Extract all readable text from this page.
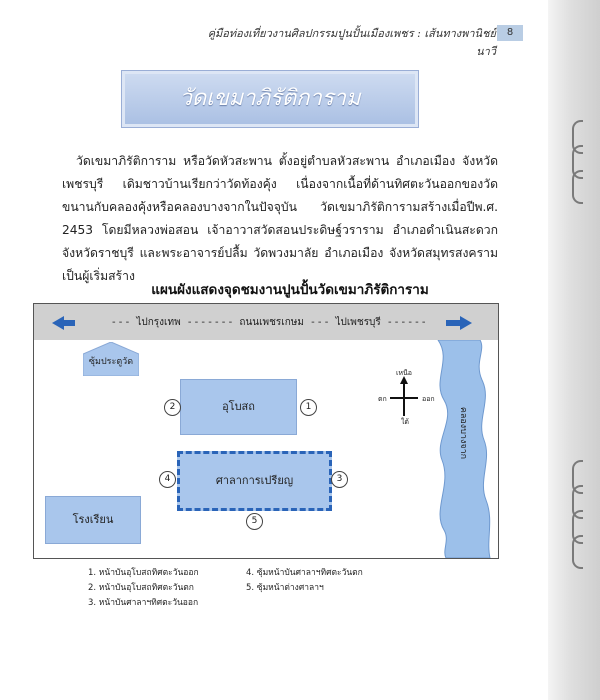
คู่มือท่องเที่ยวงานศิลปกรรมปูนปั้นเมืองเพชร : เส้นทางพานิชย์นาวี
8
วัดเขมาภิรัติการาม
วัดเขมาภิรัติการาม หรือวัดหัวสะพาน ตั้งอยู่ตำบลหัวสะพาน อำเภอเมือง จังหวัดเพชรบุรี เดิมชาวบ้านเรียกว่าวัดท้องคุ้ง เนื่องจากเนื้อที่ด้านทิศตะวันออกของวัดขนานกับคลองคุ้งหรือคลองบางจากในปัจจุบัน วัดเขมาภิรัติการามสร้างเมื่อปีพ.ศ. 2453 โดยมีหลวงพ่อสอน เจ้าอาวาสวัดสอนประดิษฐ์วราราม อำเภอดำเนินสะดวก จังหวัดราชบุรี และพระอาจารย์ปลื้ม วัดพวงมาลัย อำเภอเมือง จังหวัดสมุทรสงครามเป็นผู้เริ่มสร้าง
แผนผังแสดงจุดชมงานปูนปั้นวัดเขมาภิรัติการาม
- - - ไปกรุงเทพ - - - - - - - ถนนเพชรเกษม - - - ไปเพชรบุรี - - - - - -
ซุ้มประตูวัด
อุโบสถ
2	1
ศาลาการเปรียญ
4	3
5
โรงเรียน
เหนือ
ใต้
ออก
ตก
คลองบางจาก
1. หน้าบันอุโบสถทิศตะวันออก
2. หน้าบันอุโบสถทิศตะวันตก
3. หน้าบันศาลาฯทิศตะวันออก
4. ซุ้มหน้าบันศาลาฯทิศตะวันตก
5. ซุ้มหน้าต่างศาลาฯ
